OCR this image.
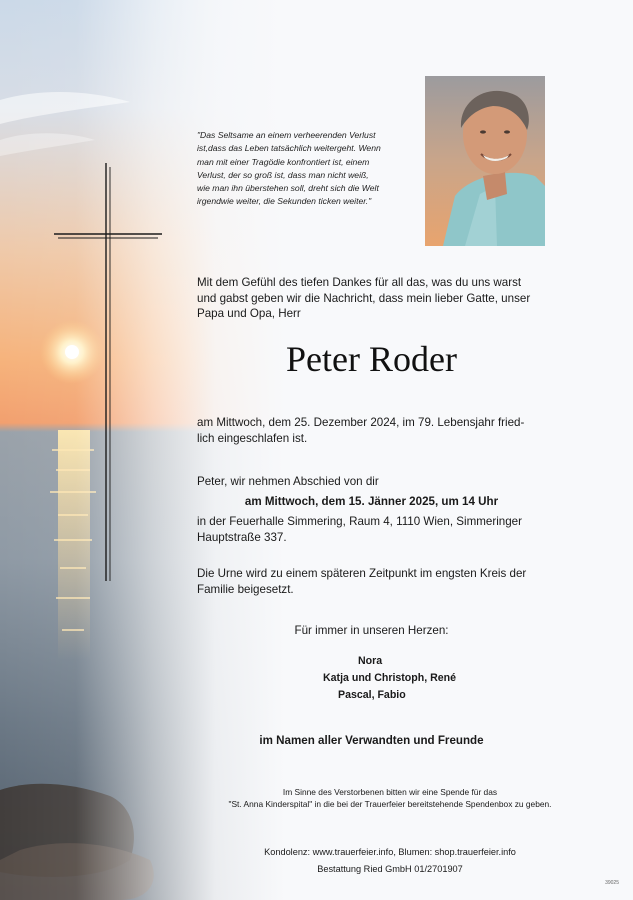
"Das Seltsame an einem verheerenden Verlust
ist,dass das Leben tatsächlich weitergeht. Wenn
man mit einer Tragödie konfrontiert ist, einem
Verlust, der so groß ist, dass man nicht weiß,
wie man ihn überstehen soll, dreht sich die Welt
irgendwie weiter, die Sekunden ticken weiter."
Mit dem Gefühl des tiefen Dankes für all das, was du uns warst
und gabst geben wir die Nachricht, dass mein lieber Gatte, unser
Papa und Opa, Herr
Peter Roder
am Mittwoch, dem 25. Dezember 2024, im 79. Lebensjahr fried-
lich eingeschlafen ist.
Peter, wir nehmen Abschied von dir
am Mittwoch, dem 15. Jänner 2025, um 14 Uhr
in der Feuerhalle Simmering, Raum 4, 1110 Wien, Simmeringer
Hauptstraße 337.
Die Urne wird zu einem späteren Zeitpunkt im engsten Kreis der
Familie beigesetzt.
Für immer in unseren Herzen:
Nora
Katja und Christoph, René
Pascal, Fabio
im Namen aller Verwandten und Freunde
Im Sinne des Verstorbenen bitten wir eine Spende für das
"St. Anna Kinderspital" in die bei der Trauerfeier bereitstehende Spendenbox zu geben.
Kondolenz: www.trauerfeier.info, Blumen: shop.trauerfeier.info
Bestattung Ried GmbH 01/2701907
39025
